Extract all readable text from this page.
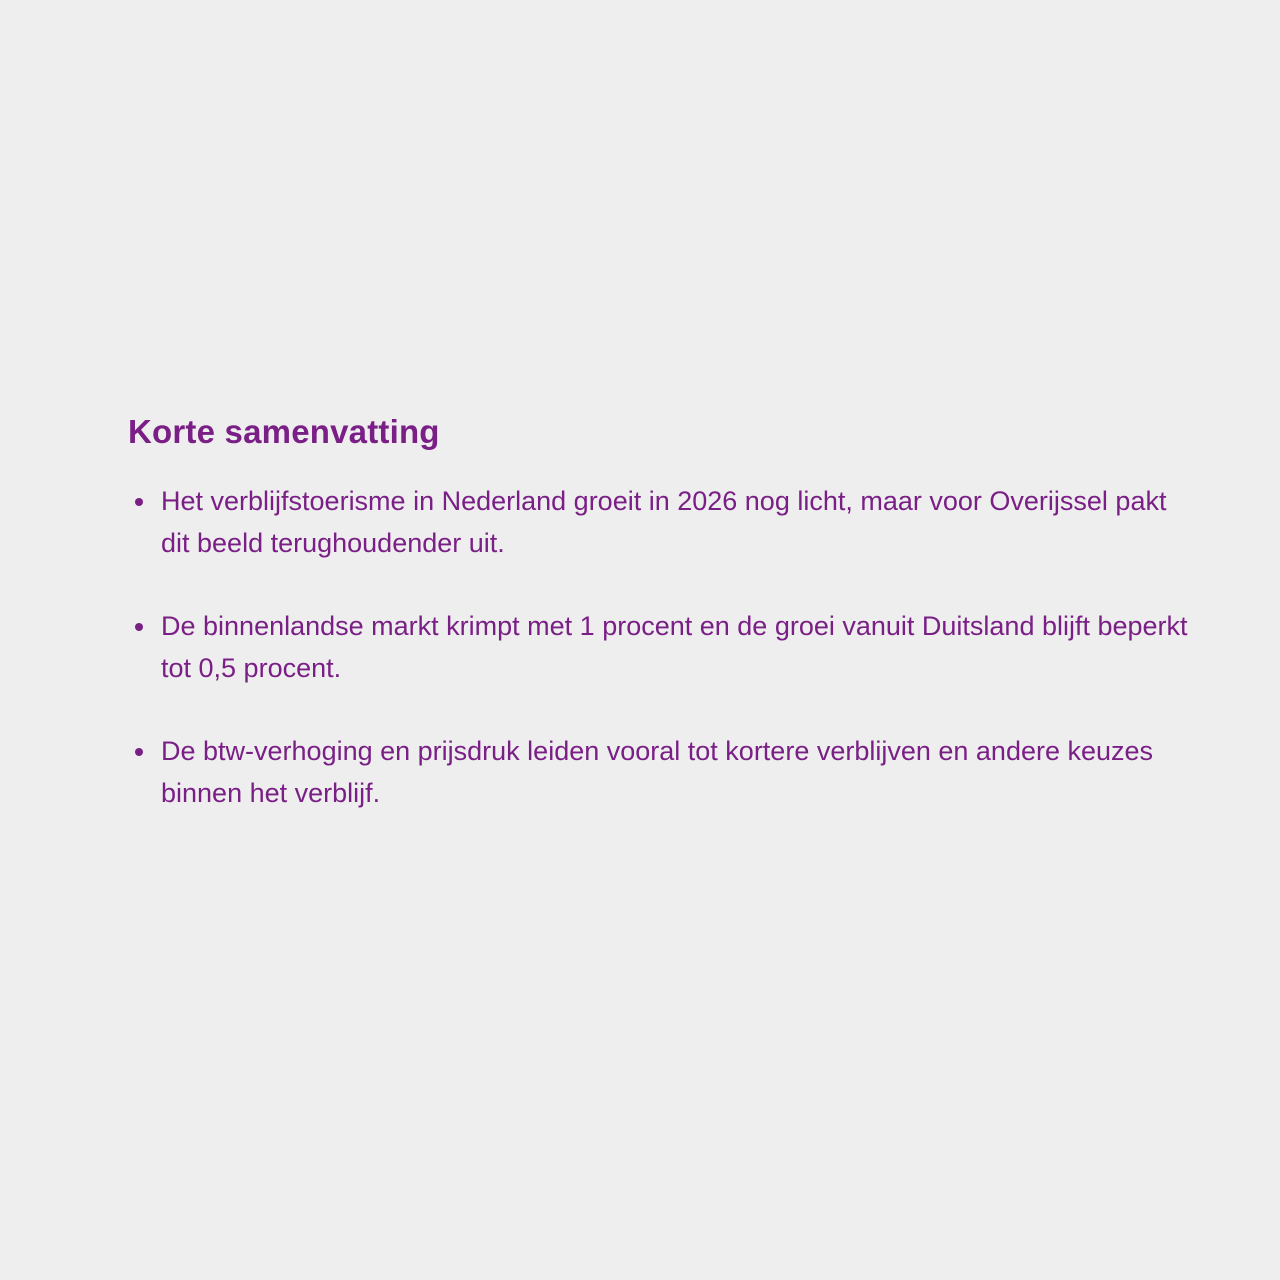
Korte samenvatting
Het verblijfstoerisme in Nederland groeit in 2026 nog licht, maar voor Overijssel pakt dit beeld terughoudender uit.
De binnenlandse markt krimpt met 1 procent en de groei vanuit Duitsland blijft beperkt tot 0,5 procent.
De btw-verhoging en prijsdruk leiden vooral tot kortere verblijven en andere keuzes binnen het verblijf.
